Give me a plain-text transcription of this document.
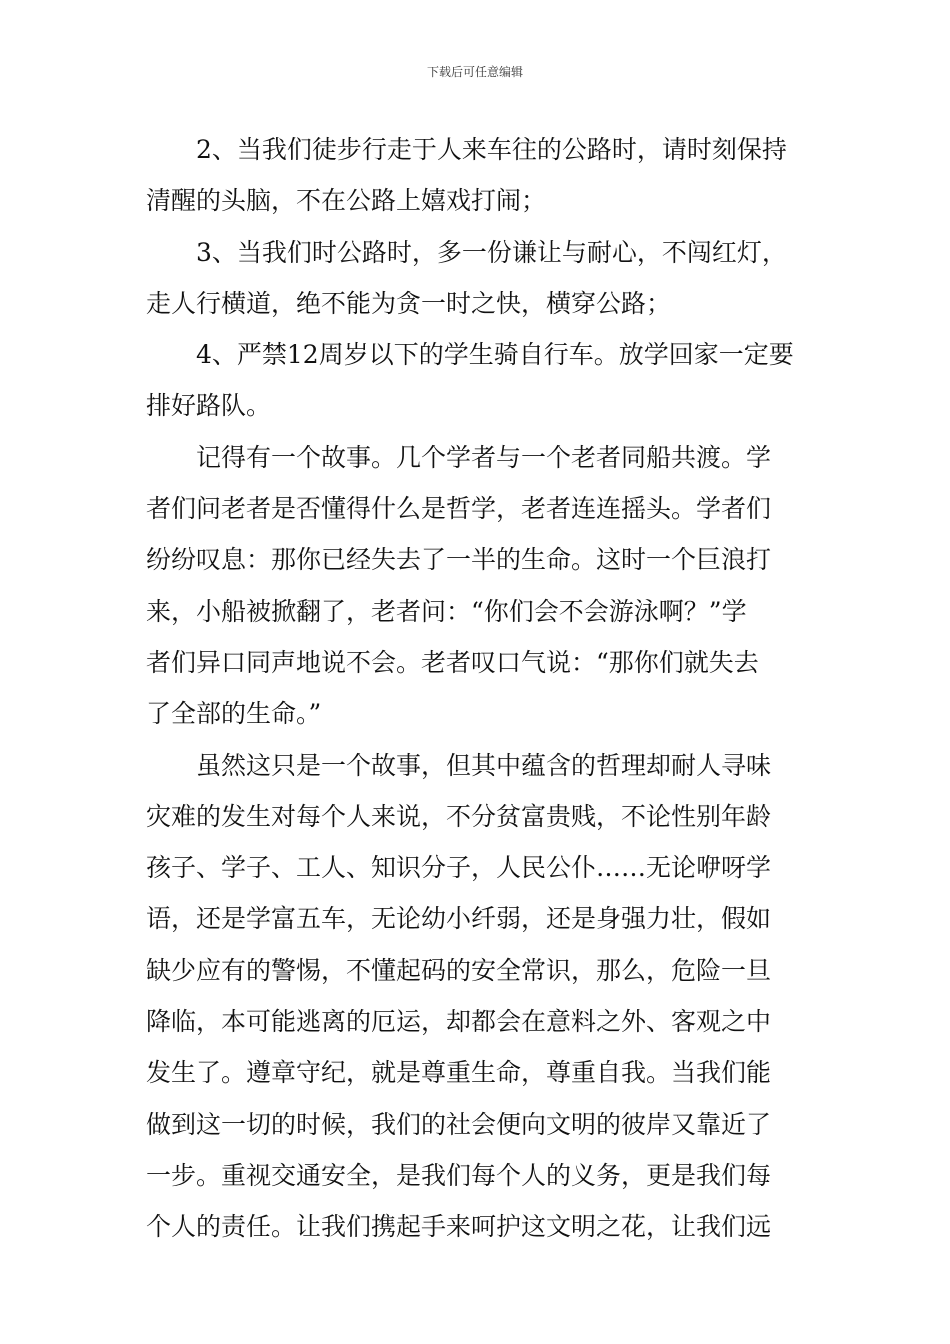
下载后可任意编辑

　　2、当我们徒步行走于人来车往的公路时，请时刻保持
清醒的头脑，不在公路上嬉戏打闹；

　　3、当我们时公路时，多一份谦让与耐心，不闯红灯，
走人行横道，绝不能为贪一时之快，横穿公路；

　　4、严禁12周岁以下的学生骑自行车。放学回家一定要
排好路队。

　　记得有一个故事。几个学者与一个老者同船共渡。学
者们问老者是否懂得什么是哲学，老者连连摇头。学者们
纷纷叹息：那你已经失去了一半的生命。这时一个巨浪打
来，小船被掀翻了，老者问：“你们会不会游泳啊？”学
者们异口同声地说不会。老者叹口气说：“那你们就失去
了全部的生命。”

　　虽然这只是一个故事，但其中蕴含的哲理却耐人寻味
灾难的发生对每个人来说，不分贫富贵贱，不论性别年龄
孩子、学子、工人、知识分子，人民公仆……无论咿呀学
语，还是学富五车，无论幼小纤弱，还是身强力壮，假如
缺少应有的警惕，不懂起码的安全常识，那么，危险一旦
降临，本可能逃离的厄运，却都会在意料之外、客观之中
发生了。遵章守纪，就是尊重生命，尊重自我。当我们能
做到这一切的时候，我们的社会便向文明的彼岸又靠近了
一步。重视交通安全，是我们每个人的义务，更是我们每
个人的责任。让我们携起手来呵护这文明之花，让我们远
